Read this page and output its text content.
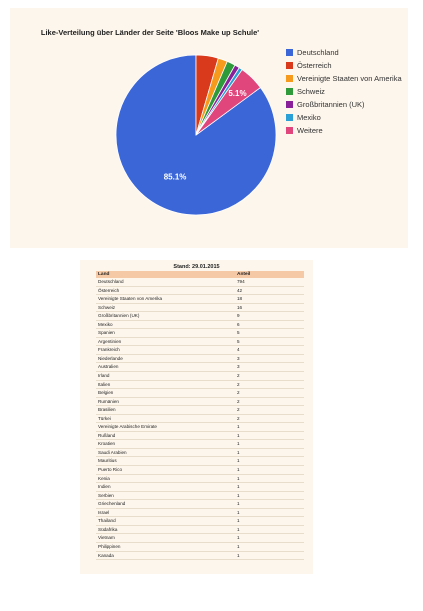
Like-Verteilung über Länder der Seite 'Bloos Make up Schule'
85.1%
5.1%
Deutschland
Österreich
Vereinigte Staaten von Amerika
Schweiz
Großbritannien (UK)
Mexiko
Weitere
Stand: 29.01.2015
Land	Anteil
Deutschland	794
Österreich	42
Vereinigte Staaten von Amerika	18
Schweiz	16
Großbritannien (UK)	9
Mexiko	6
Spanien	5
Argentinien	5
Frankreich	4
Niederlande	3
Australien	3
Irland	2
Italien	2
Belgien	2
Rumänien	2
Brasilien	2
Türkei	2
Vereinigte Arabische Emirate	1
Rußland	1
Kroatien	1
Saudi Arabien	1
Mauritius	1
Puerto Rico	1
Kenia	1
Indien	1
Serbien	1
Griechenland	1
Israel	1
Thailand	1
Südafrika	1
Vietnam	1
Philippinen	1
Kanada	1
